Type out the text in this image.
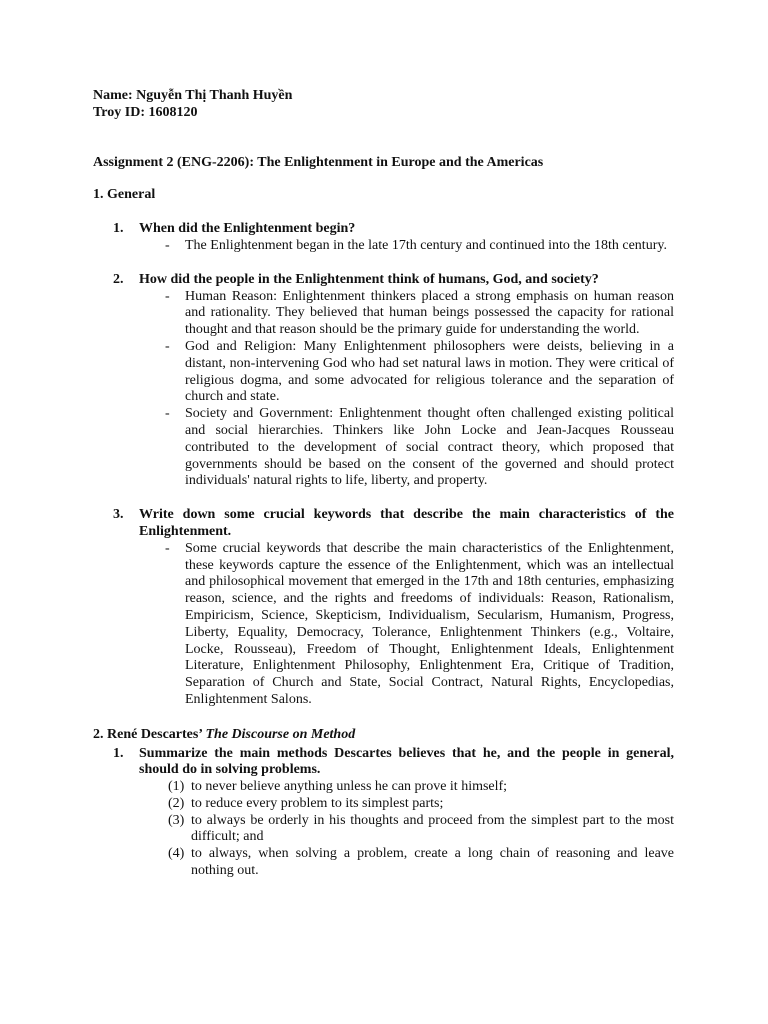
Name: Nguyễn Thị Thanh Huyền

Troy ID: 1608120

Assignment 2 (ENG-2206): The Enlightenment in Europe and the Americas

1. General

1.	When did the Enlightenment begin?
-	The Enlightenment began in the late 17th century and continued into the 18th century.
2.	How did the people in the Enlightenment think of humans, God, and society?
-	Human Reason: Enlightenment thinkers placed a strong emphasis on human reason and rationality. They believed that human beings possessed the capacity for rational thought and that reason should be the primary guide for understanding the world.
-	God and Religion: Many Enlightenment philosophers were deists, believing in a distant, non-intervening God who had set natural laws in motion. They were critical of religious dogma, and some advocated for religious tolerance and the separation of church and state.
-	Society and Government: Enlightenment thought often challenged existing political and social hierarchies. Thinkers like John Locke and Jean-Jacques Rousseau contributed to the development of social contract theory, which proposed that governments should be based on the consent of the governed and should protect individuals' natural rights to life, liberty, and property.
3.	Write down some crucial keywords that describe the main characteristics of the Enlightenment.
-	Some crucial keywords that describe the main characteristics of the Enlightenment, these keywords capture the essence of the Enlightenment, which was an intellectual and philosophical movement that emerged in the 17th and 18th centuries, emphasizing reason, science, and the rights and freedoms of individuals: Reason, Rationalism, Empiricism, Science, Skepticism, Individualism, Secularism, Humanism, Progress, Liberty, Equality, Democracy, Tolerance, Enlightenment Thinkers (e.g., Voltaire, Locke, Rousseau), Freedom of Thought, Enlightenment Ideals, Enlightenment Literature, Enlightenment Philosophy, Enlightenment Era, Critique of Tradition, Separation of Church and State, Social Contract, Natural Rights, Encyclopedias, Enlightenment Salons.

2. René Descartes’ The Discourse on Method

1.	Summarize the main methods Descartes believes that he, and the people in general, should do in solving problems.
(1) to never believe anything unless he can prove it himself;
(2) to reduce every problem to its simplest parts;
(3) to always be orderly in his thoughts and proceed from the simplest part to the most difficult; and
(4) to always, when solving a problem, create a long chain of reasoning and leave nothing out.
